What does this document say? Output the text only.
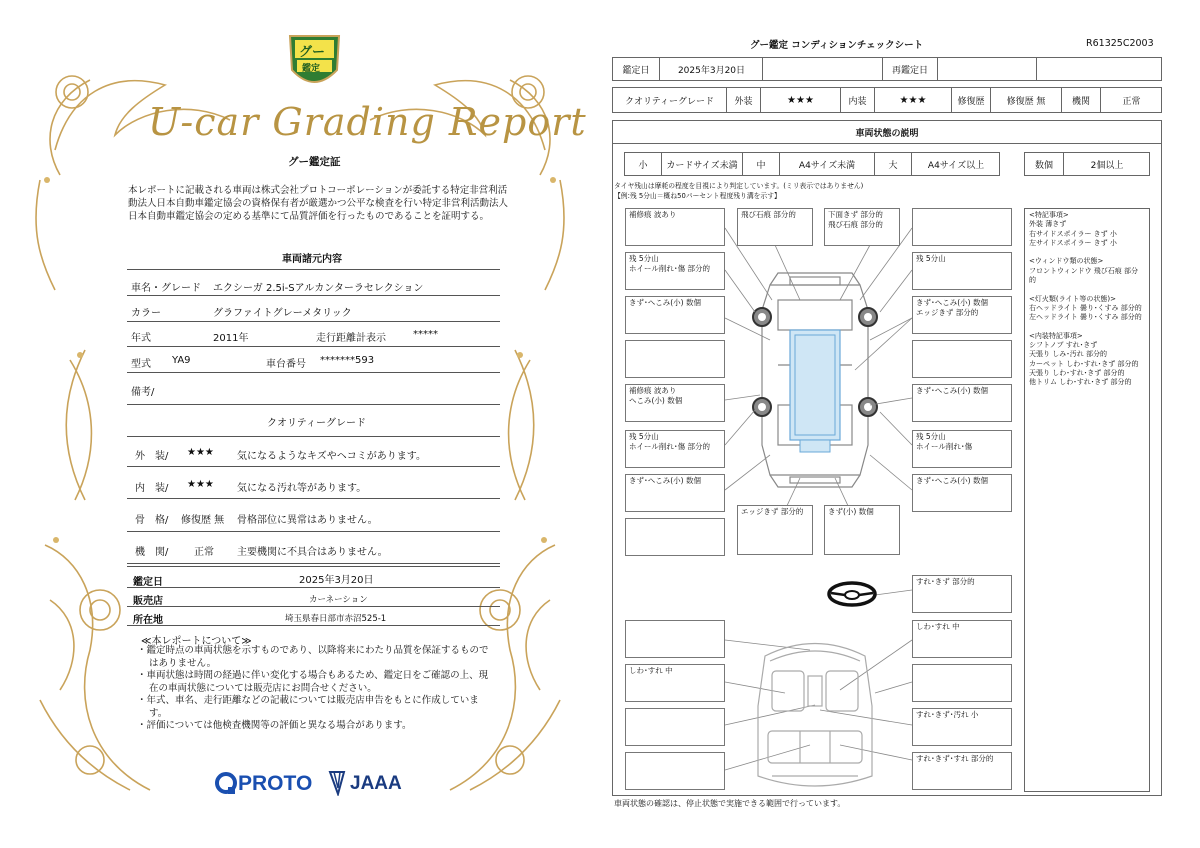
グー
鑑定
U-car Grading Report
グー鑑定証
本レポートに記載される車両は株式会社プロトコーポレーションが委託する特定非営利活動法人日本自動車鑑定協会の資格保有者が厳選かつ公平な検査を行い特定非営利活動法人日本自動車鑑定協会の定める基準にて品質評価を行ったものであることを証明する。
車両諸元内容
車名・グレード エクシーガ 2.5i-Sアルカンターラセレクション
カラー	グラファイトグレーメタリック
年式	2011年	走行距離計表示	*****
型式 YA9	車台番号 *******593
備考/
クオリティーグレード
外　装/ ★★★ 気になるようなキズやヘコミがあります。
内　装/ ★★★ 気になる汚れ等があります。
骨　格/ 修復歴 無 骨格部位に異常はありません。
機　関/	正常 主要機関に不具合はありません。
鑑定日	2025年3月20日
販売店	カーネーション
所在地	埼玉県春日部市赤沼525-1
≪本レポートについて≫
・鑑定時点の車両状態を示すものであり、以降将来にわたり品質を保証するものではありません。
・車両状態は時間の経過に伴い変化する場合もあるため、鑑定日をご確認の上、現在の車両状態については販売店にお問合せください。
・年式、車名、走行距離などの記載については販売店申告をもとに作成しています。
・評価については他検査機関等の評価と異なる場合があります。
PROTO JAAA
グー鑑定 コンディションチェックシート	R61325C2003
鑑定日	2025年3月20日	再鑑定日
クオリティーグレード	外装	★★★	内装	★★★	修復歴	修復歴 無	機関	正常
車両状態の説明
小	カードサイズ未満	中	A4サイズ未満	大	A4サイズ以上	数個	2個以上
タイヤ残山は摩耗の程度を目視により判定しています。(ミリ表示ではありません)
【例:残 5分山＝概ね50パーセント程度残り溝を示す】
補修痕 波あり	飛び石痕 部分的	下面きず 部分的
飛び石痕 部分的
残 5分山
ホイール削れ･傷 部分的
残 5分山
きず･へこみ(小) 数個	きず･へこみ(小) 数個
エッジきず 部分的
補修痕 波あり
へこみ(小) 数個
きず･へこみ(小) 数個
残 5分山
ホイール削れ･傷 部分的
残 5分山
ホイール削れ･傷
きず･へこみ(小) 数個	きず･へこみ(小) 数個
エッジきず 部分的	きず(小) 数個
すれ･きず 部分的
しわ･すれ 中
しわ･すれ 中
すれ･きず･汚れ 小
すれ･きず･すれ 部分的
<特記事項>
外装 薄きず
右サイドスポイラー きず 小
左サイドスポイラー きず 小
<ウィンドウ類の状態>
フロントウィンドウ 飛び石痕 部分的
<灯火類(ライト等の状態)>
右ヘッドライト 曇り･くすみ 部分的
左ヘッドライト 曇り･くすみ 部分的
<内装特記事項>
シフトノブ すれ･きず
天張り しみ･汚れ 部分的
カーペット しわ･すれ･きず 部分的
天張り しわ･すれ･きず 部分的
他トリム しわ･すれ･きず 部分的
車両状態の確認は、停止状態で実施できる範囲で行っています。
